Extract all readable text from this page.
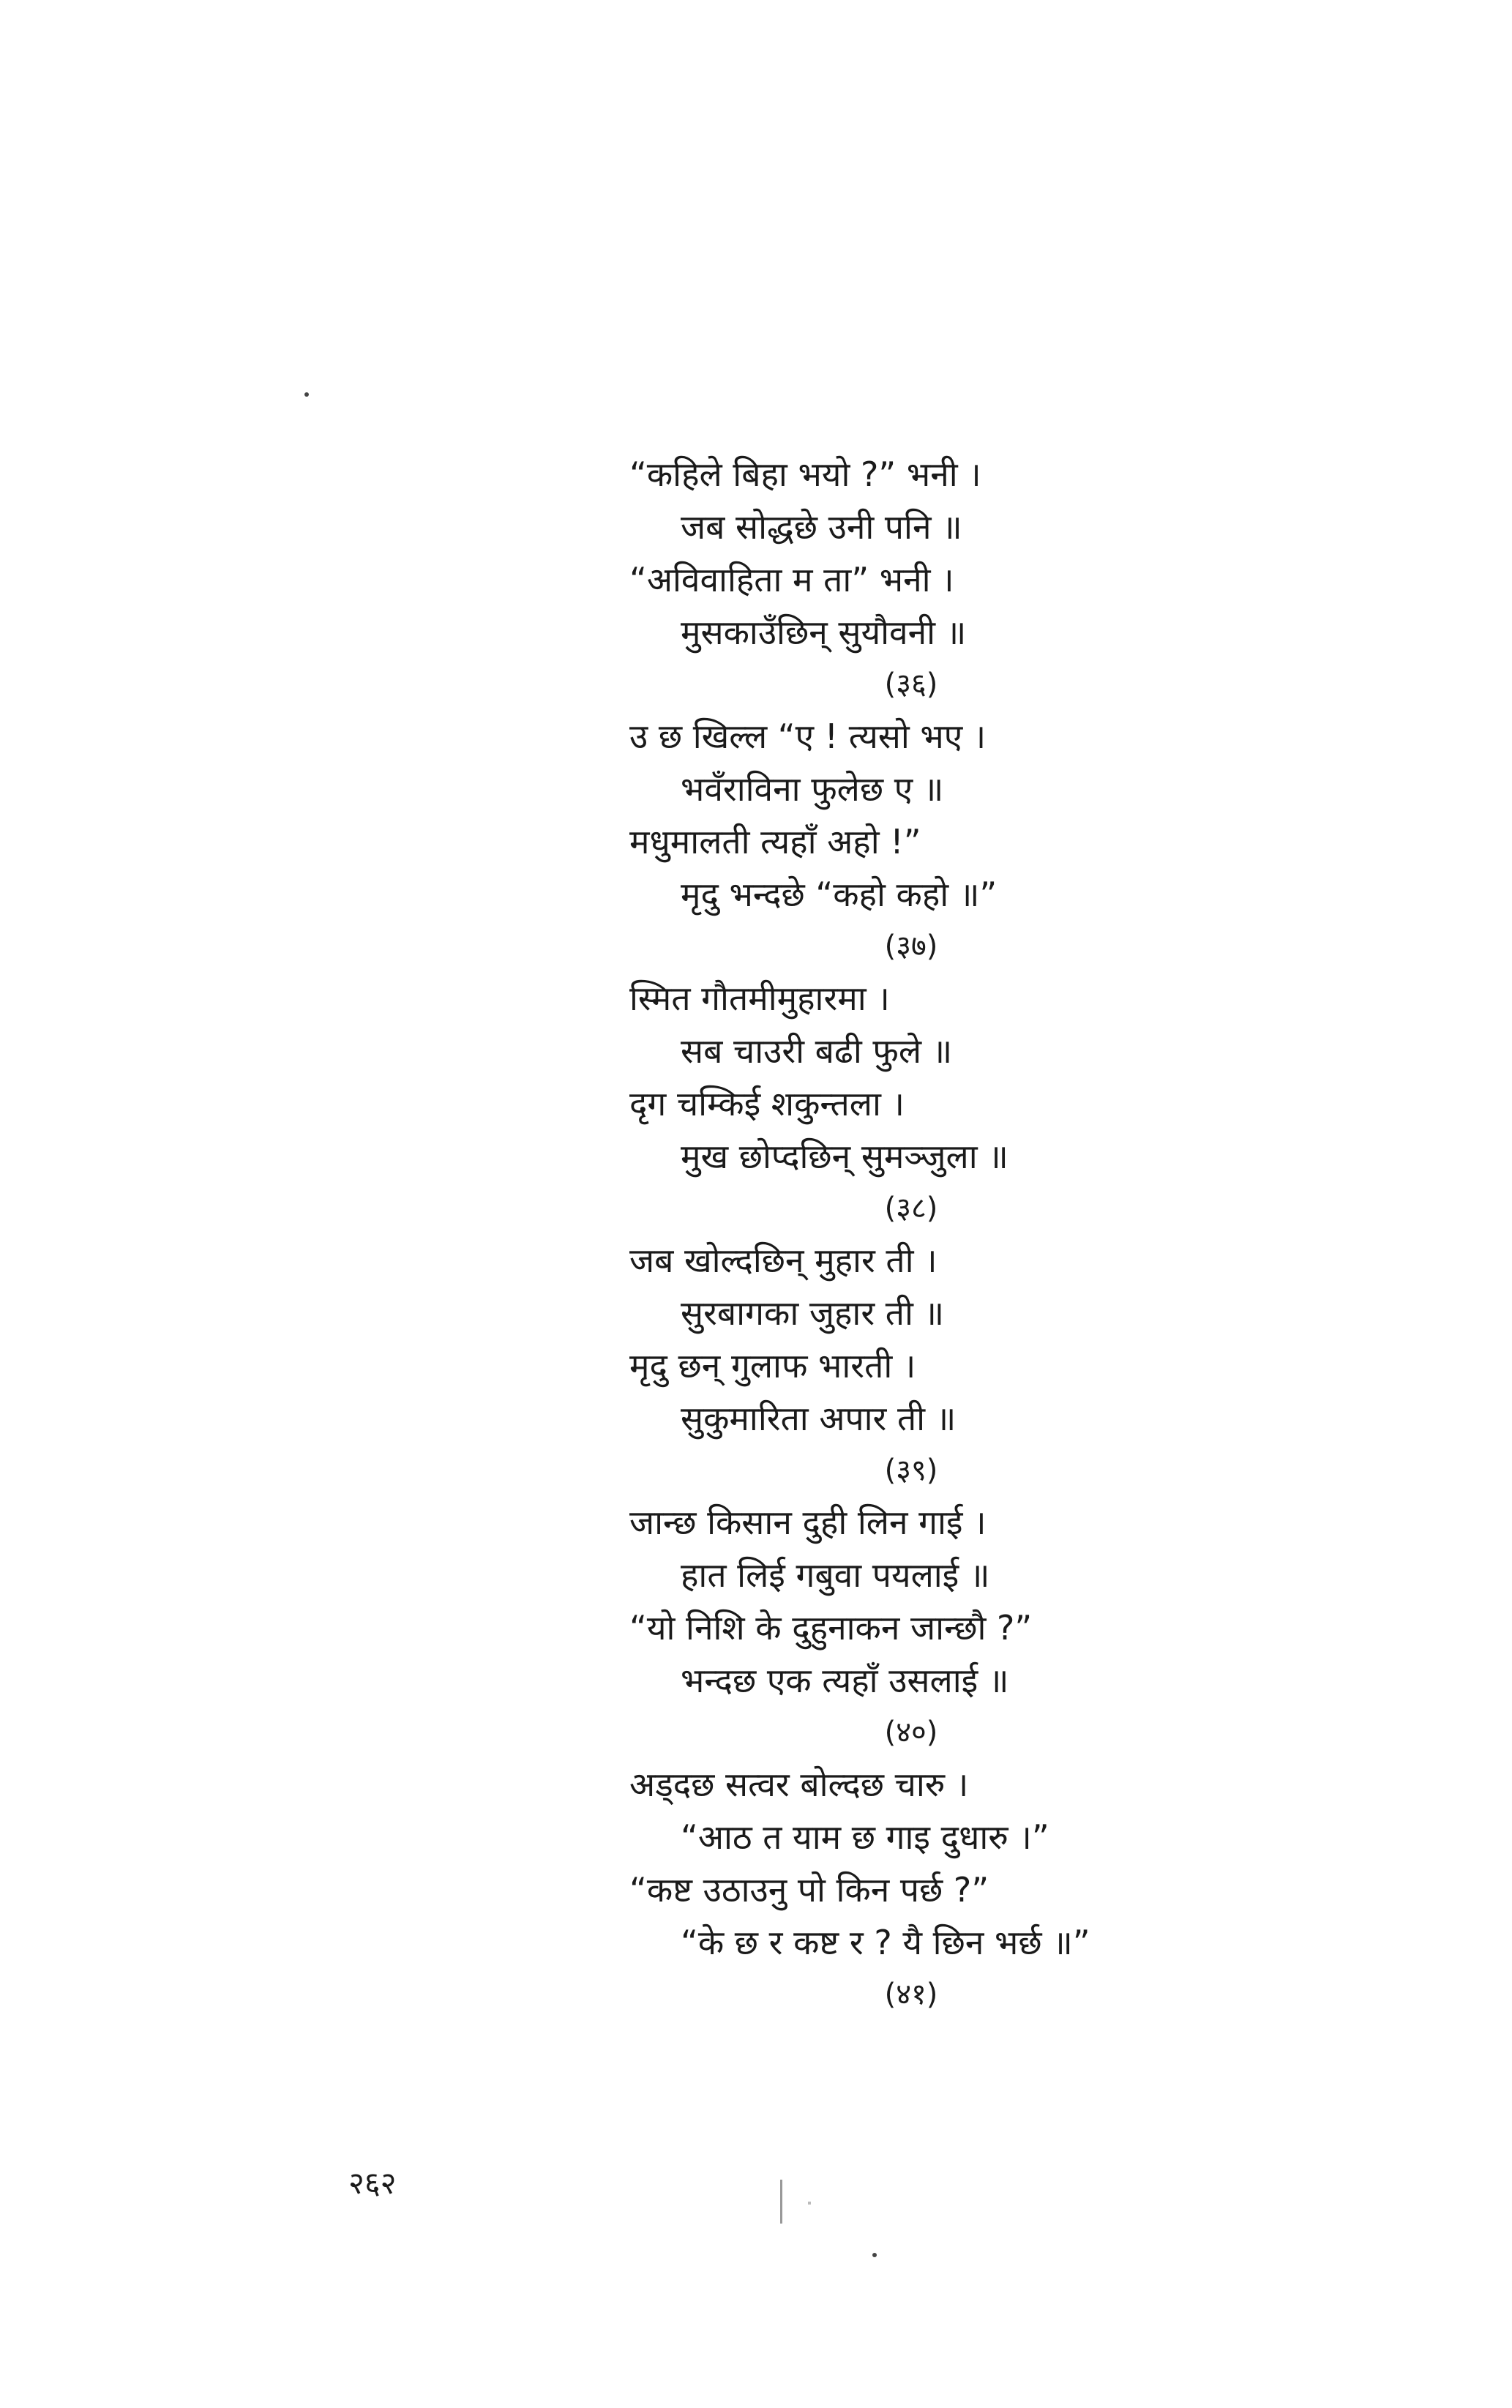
“कहिले बिहा भयो ?” भनी ।
जब सोद्धछे उनी पनि ॥
“अविवाहिता म ता” भनी ।
मुसकाउँछिन् सुयौवनी ॥
(३६)
उ छ खिल्ल “ए ! त्यसो भए ।
भवँराविना फुलेछ ए ॥
मधुमालती त्यहाँ अहो !”
मृदु भन्दछे “कहो कहो ॥”
(३७)
स्मित गौतमीमुहारमा ।
सब चाउरी बढी फुले ॥
दृग चम्किई शकुन्तला ।
मुख छोप्दछिन् सुमञ्जुला ॥
(३८)
जब खोल्दछिन् मुहार ती ।
सुरबागका जुहार ती ॥
मृदु छन् गुलाफ भारती ।
सुकुमारिता अपार ती ॥
(३९)
जान्छ किसान दुही लिन गाई ।
हात लिई गबुवा पयलाई ॥
“यो निशि के दुहुनाकन जान्छौ ?”
भन्दछ एक त्यहाँ उसलाई ॥
(४०)
अड्दछ सत्वर बोल्दछ चारु ।
“आठ त याम छ गाइ दुधारु ।”
“कष्ट उठाउनु पो किन पर्छ ?”
“के छ र कष्ट र ? यै छिन भर्छ ॥”
(४१)
२६२
